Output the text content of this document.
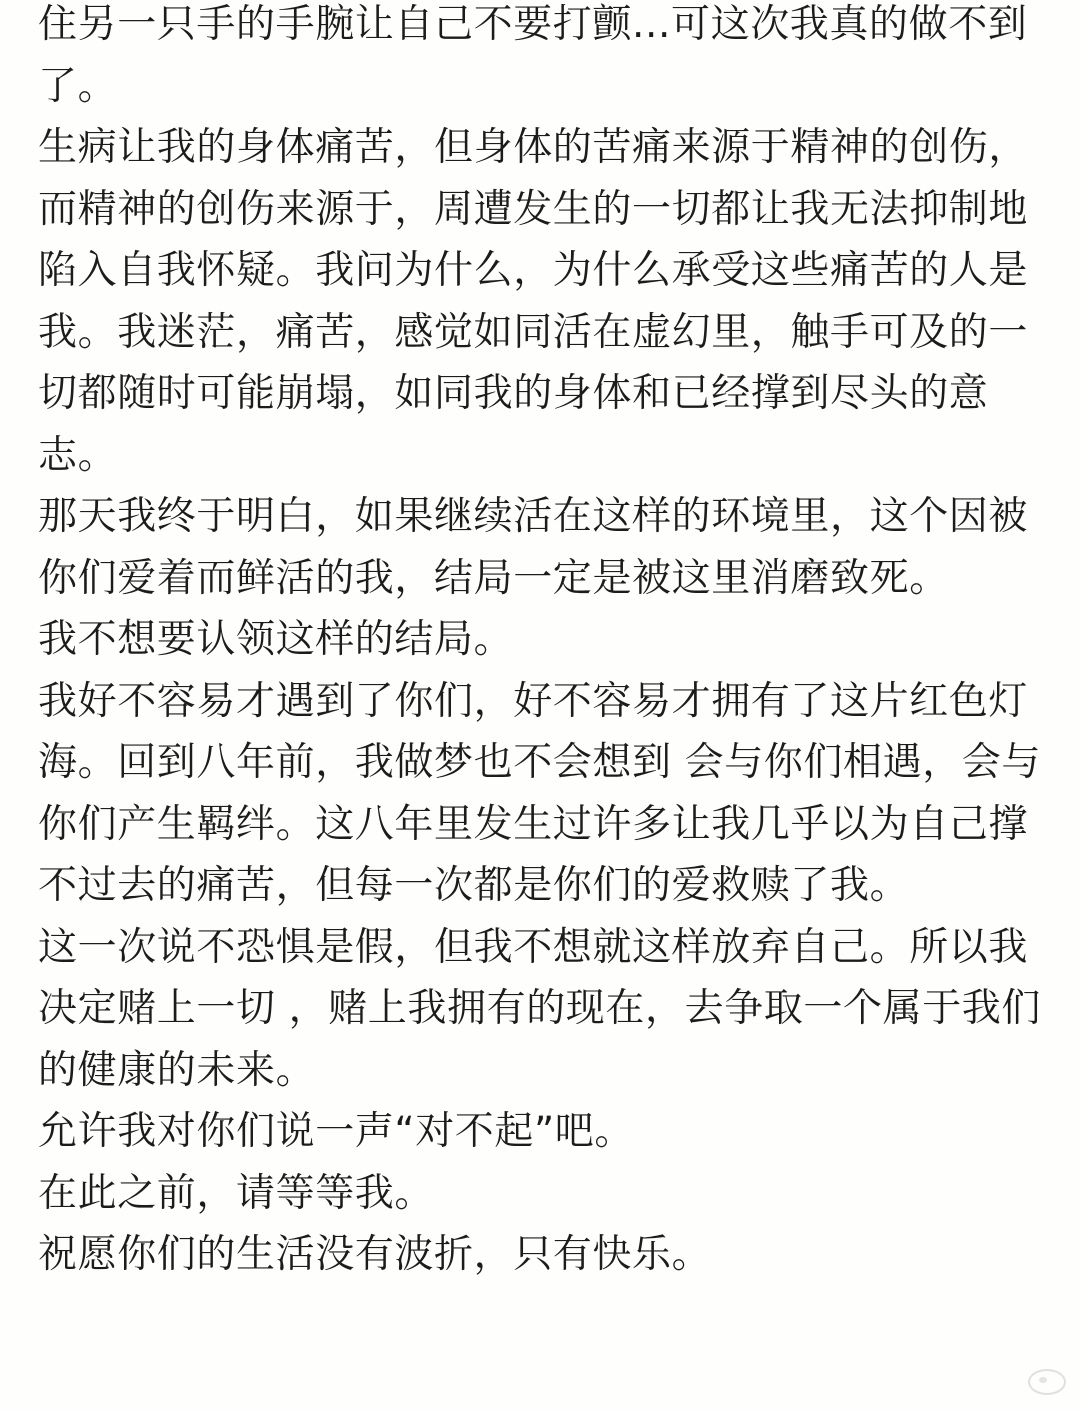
住另一只手的手腕让自己不要打颤...可这次我真的做不到了。

生病让我的身体痛苦，但身体的苦痛来源于精神的创伤，而精神的创伤来源于，周遭发生的一切都让我无法抑制地陷入自我怀疑。我问为什么，为什么承受这些痛苦的人是我。我迷茫，痛苦，感觉如同活在虚幻里，触手可及的一切都随时可能崩塌，如同我的身体和已经撑到尽头的意志。

那天我终于明白，如果继续活在这样的环境里，这个因被你们爱着而鲜活的我，结局一定是被这里消磨致死。

我不想要认领这样的结局。

我好不容易才遇到了你们，好不容易才拥有了这片红色灯海。回到八年前，我做梦也不会想到 会与你们相遇，会与你们产生羁绊。这八年里发生过许多让我几乎以为自己撑不过去的痛苦，但每一次都是你们的爱救赎了我。

这一次说不恐惧是假，但我不想就这样放弃自己。所以我决定赌上一切 ，赌上我拥有的现在，去争取一个属于我们的健康的未来。

允许我对你们说一声“对不起”吧。

在此之前，请等等我。

祝愿你们的生活没有波折，只有快乐。
